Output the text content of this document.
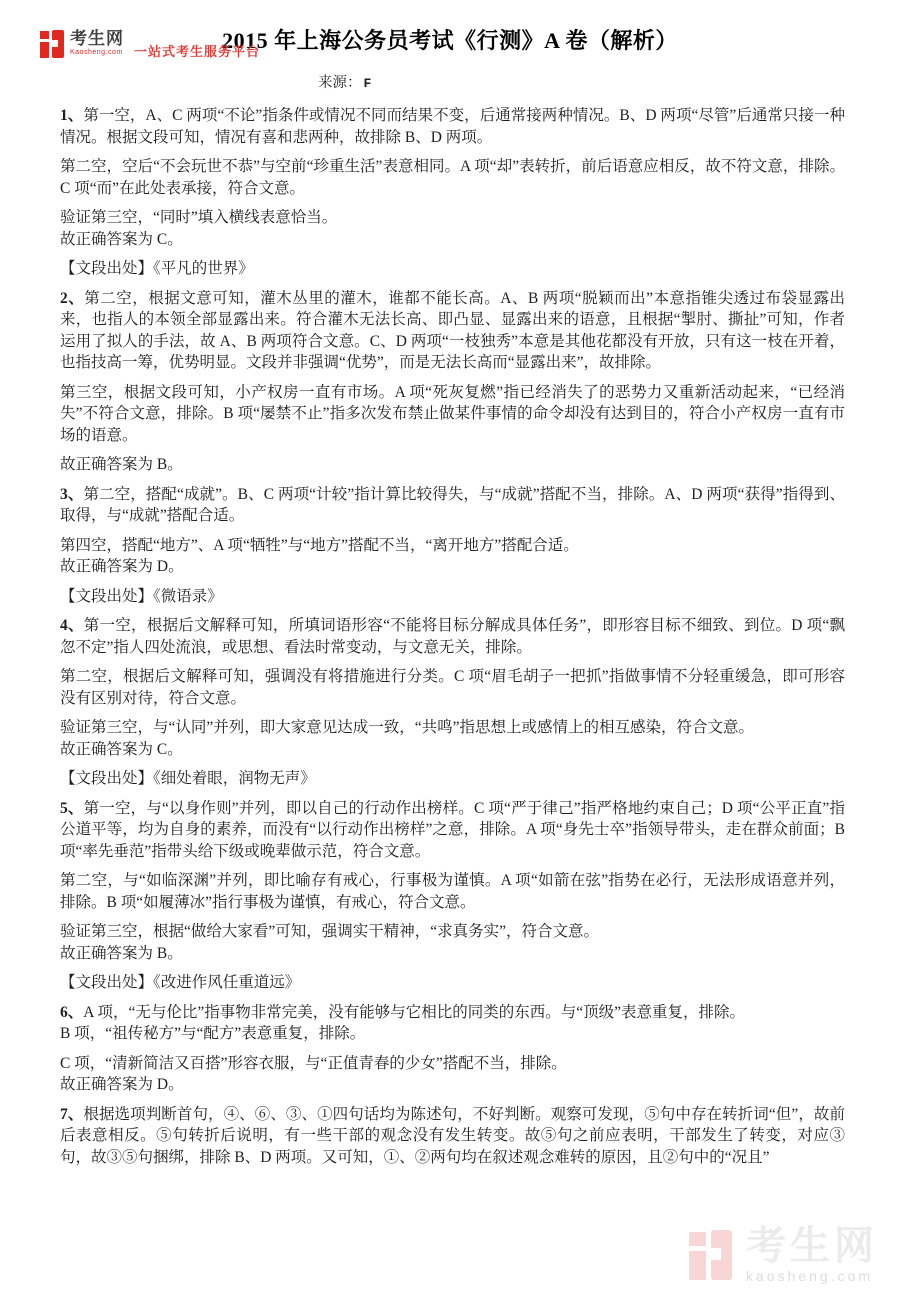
考生网
Kaosheng.com 一站式考生服务平台
2015 年上海公务员考试《行测》A 卷（解析）
来源： F

1、第一空，A、C 两项“不论”指条件或情况不同而结果不变，后通常接两种情况。B、D 两项“尽管”后通常只接一种情况。根据文段可知，情况有喜和悲两种，故排除 B、D 两项。

第二空，空后“不会玩世不恭”与空前“珍重生活”表意相同。A 项“却”表转折，前后语意应相反，故不符文意，排除。C 项“而”在此处表承接，符合文意。

验证第三空，“同时”填入横线表意恰当。

故正确答案为 C。

【文段出处】《平凡的世界》

2、第二空，根据文意可知，灌木丛里的灌木，谁都不能长高。A、B 两项“脱颖而出”本意指锥尖透过布袋显露出来，也指人的本领全部显露出来。符合灌木无法长高、即凸显、显露出来的语意，且根据“掣肘、撕扯”可知，作者运用了拟人的手法，故 A、B 两项符合文意。C、D 两项“一枝独秀”本意是其他花都没有开放，只有这一枝在开着，也指技高一筹，优势明显。文段并非强调“优势”，而是无法长高而“显露出来”，故排除。

第三空，根据文段可知，小产权房一直有市场。A 项“死灰复燃”指已经消失了的恶势力又重新活动起来，“已经消失”不符合文意，排除。B 项“屡禁不止”指多次发布禁止做某件事情的命令却没有达到目的，符合小产权房一直有市场的语意。

故正确答案为 B。

3、第二空，搭配“成就”。B、C 两项“计较”指计算比较得失，与“成就”搭配不当，排除。A、D 两项“获得”指得到、取得，与“成就”搭配合适。

第四空，搭配“地方”、A 项“牺牲”与“地方”搭配不当，“离开地方”搭配合适。

故正确答案为 D。

【文段出处】《微语录》

4、第一空，根据后文解释可知，所填词语形容“不能将目标分解成具体任务”，即形容目标不细致、到位。D 项“飘忽不定”指人四处流浪，或思想、看法时常变动，与文意无关，排除。

第二空，根据后文解释可知，强调没有将措施进行分类。C 项“眉毛胡子一把抓”指做事情不分轻重缓急，即可形容没有区别对待，符合文意。

验证第三空，与“认同”并列，即大家意见达成一致，“共鸣”指思想上或感情上的相互感染，符合文意。

故正确答案为 C。

【文段出处】《细处着眼，润物无声》

5、第一空，与“以身作则”并列，即以自己的行动作出榜样。C 项“严于律己”指严格地约束自己；D 项“公平正直”指公道平等，均为自身的素养，而没有“以行动作出榜样”之意，排除。A 项“身先士卒”指领导带头，走在群众前面；B 项“率先垂范”指带头给下级或晚辈做示范，符合文意。

第二空，与“如临深渊”并列，即比喻存有戒心，行事极为谨慎。A 项“如箭在弦”指势在必行，无法形成语意并列，排除。B 项“如履薄冰”指行事极为谨慎，有戒心，符合文意。

验证第三空，根据“做给大家看”可知，强调实干精神，“求真务实”，符合文意。

故正确答案为 B。

【文段出处】《改进作风任重道远》

6、A 项，“无与伦比”指事物非常完美，没有能够与它相比的同类的东西。与“顶级”表意重复，排除。

B 项，“祖传秘方”与“配方”表意重复，排除。

C 项，“清新简洁又百搭”形容衣服，与“正值青春的少女”搭配不当，排除。

故正确答案为 D。

7、根据选项判断首句，④、⑥、③、①四句话均为陈述句，不好判断。观察可发现，⑤句中存在转折词“但”，故前后表意相反。⑤句转折后说明，有一些干部的观念没有发生转变。故⑤句之前应表明，干部发生了转变，对应③句，故③⑤句捆绑，排除 B、D 两项。又可知，①、②两句均在叙述观念难转的原因，且②句中的“况且”

考生网
kaosheng.com
